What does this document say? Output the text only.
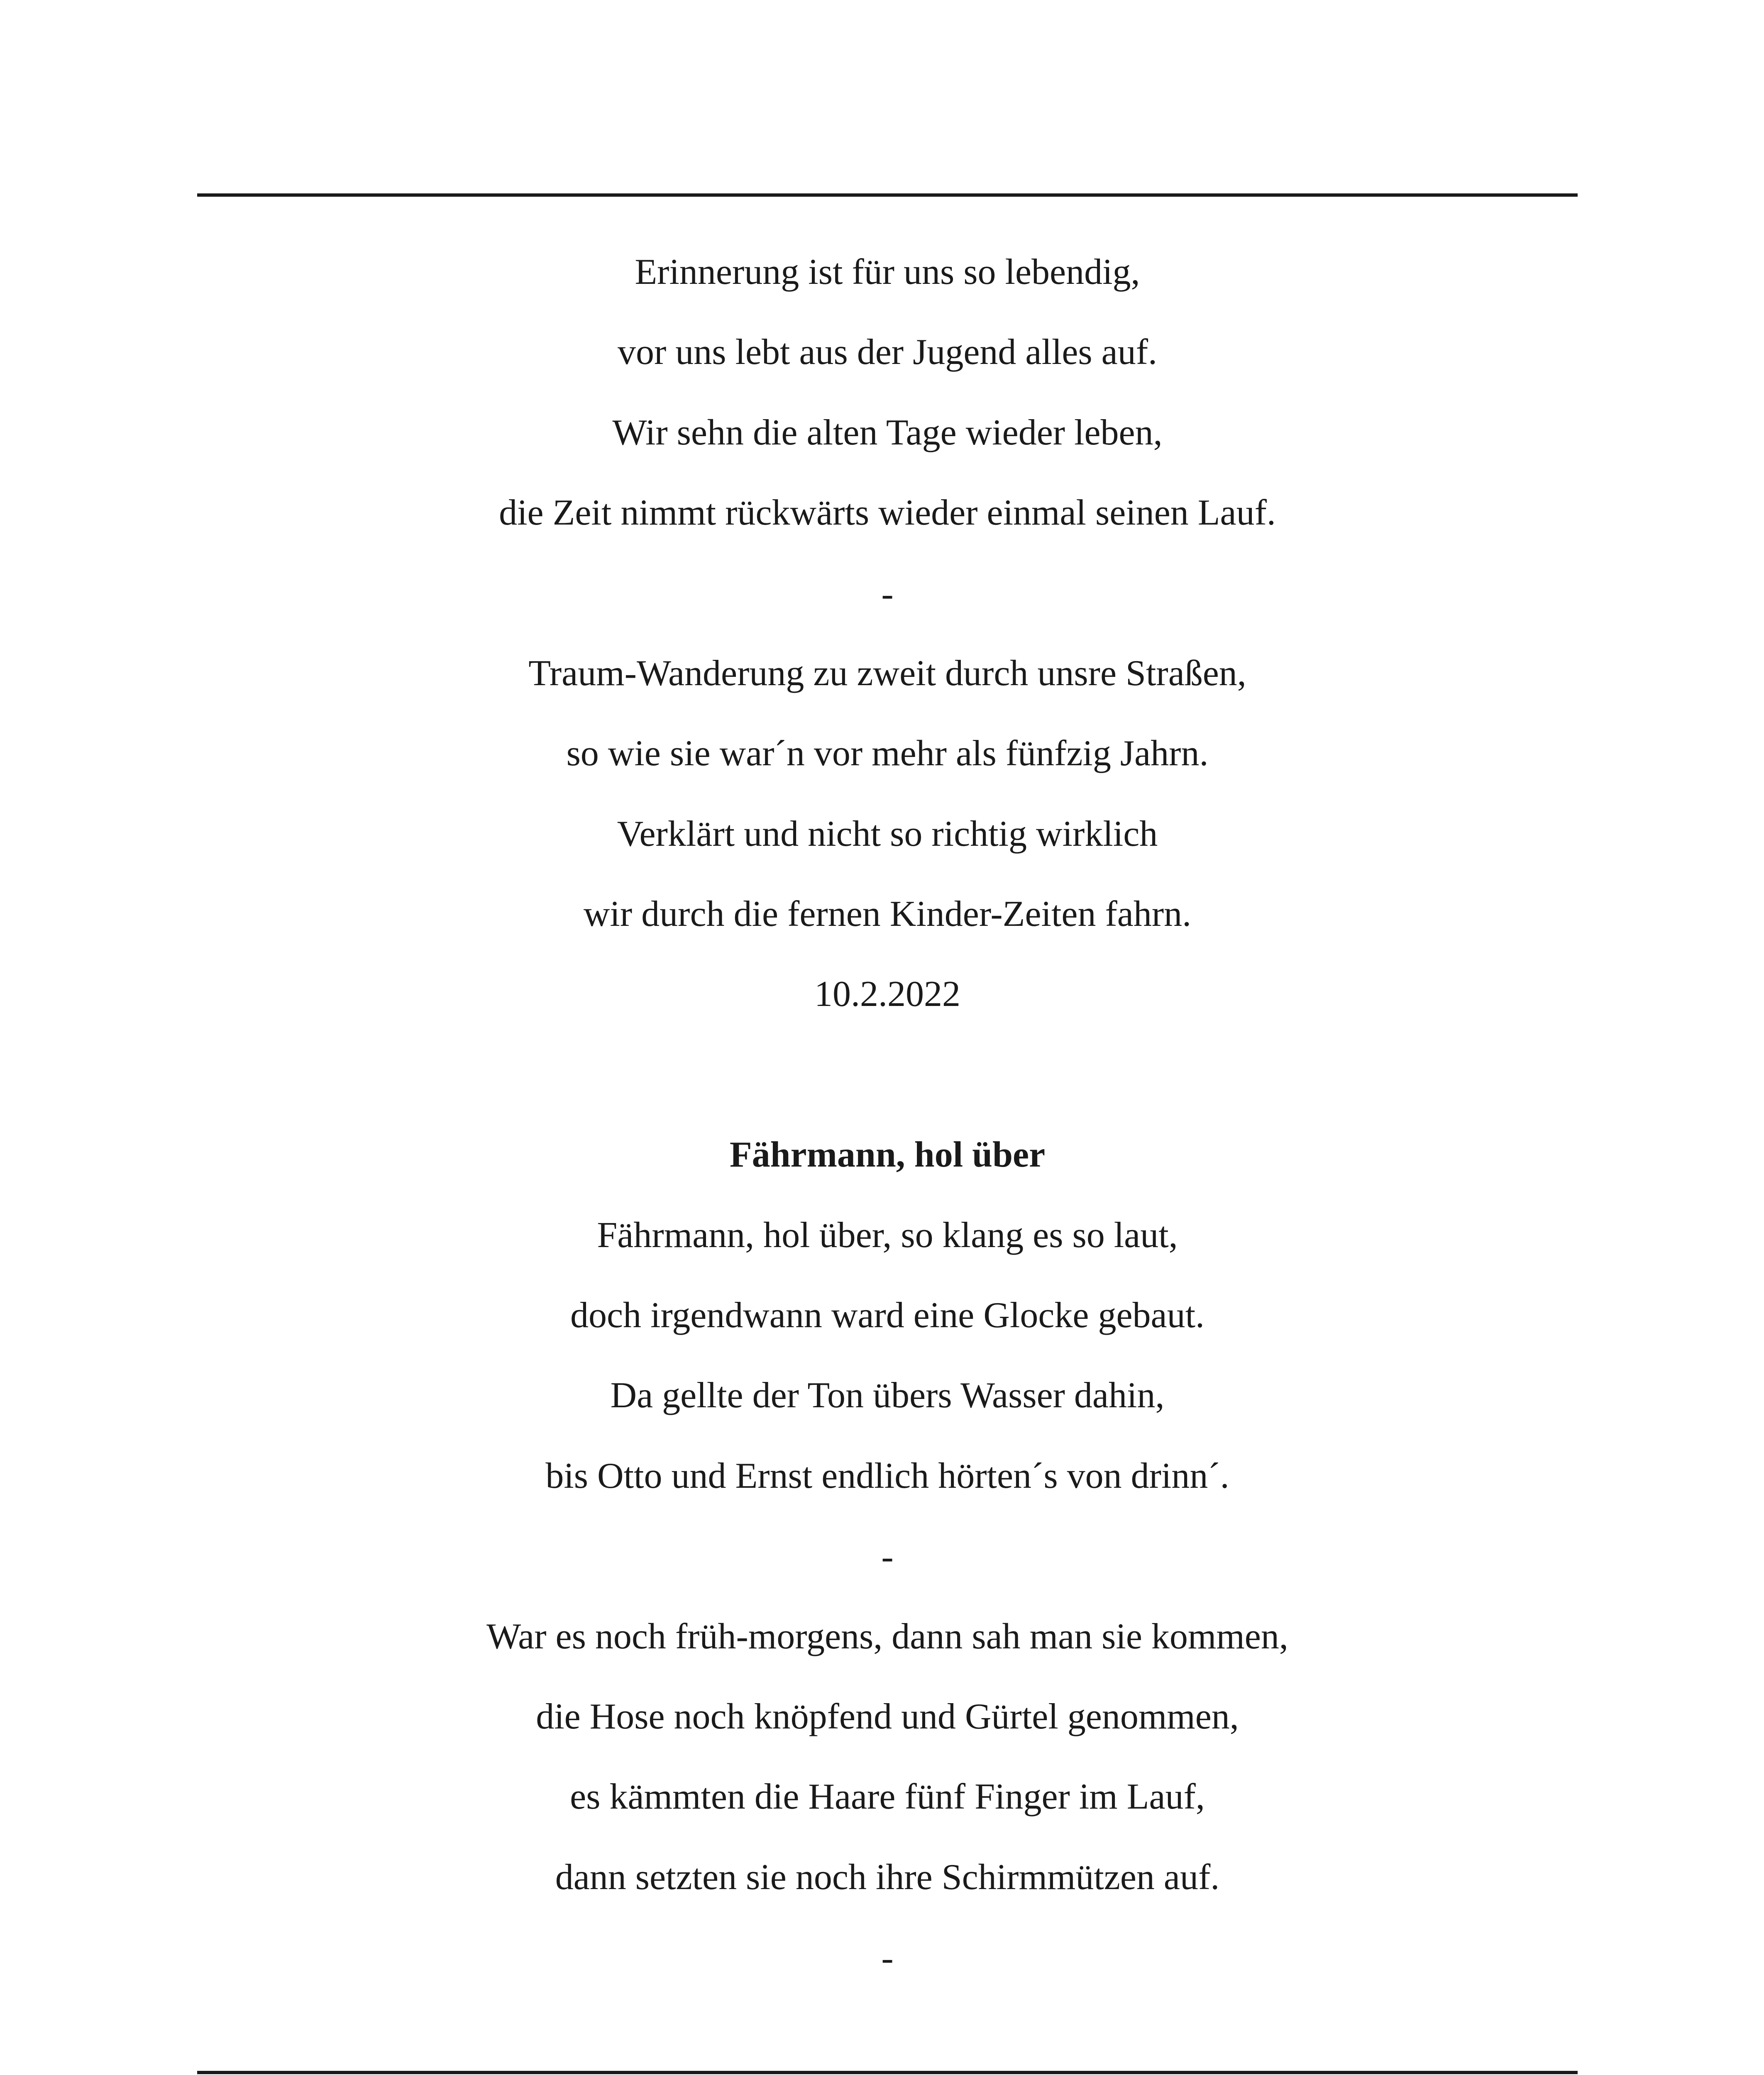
Erinnerung ist für uns so lebendig,
vor uns lebt aus der Jugend alles auf.
Wir sehn die alten Tage wieder leben,
die Zeit nimmt rückwärts wieder einmal seinen Lauf.
-
Traum-Wanderung zu zweit durch unsre Straßen,
so wie sie war´n vor mehr als fünfzig Jahrn.
Verklärt und nicht so richtig wirklich
wir durch die fernen Kinder-Zeiten fahrn.
10.2.2022
Fährmann, hol über
Fährmann, hol über, so klang es so laut,
doch irgendwann ward eine Glocke gebaut.
Da gellte der Ton übers Wasser dahin,
bis Otto und Ernst endlich hörten´s von drinn´.
-
War es noch früh-morgens, dann sah man sie kommen,
die Hose noch knöpfend und Gürtel genommen,
es kämmten die Haare fünf Finger im Lauf,
dann setzten sie noch ihre Schirmmützen auf.
-
